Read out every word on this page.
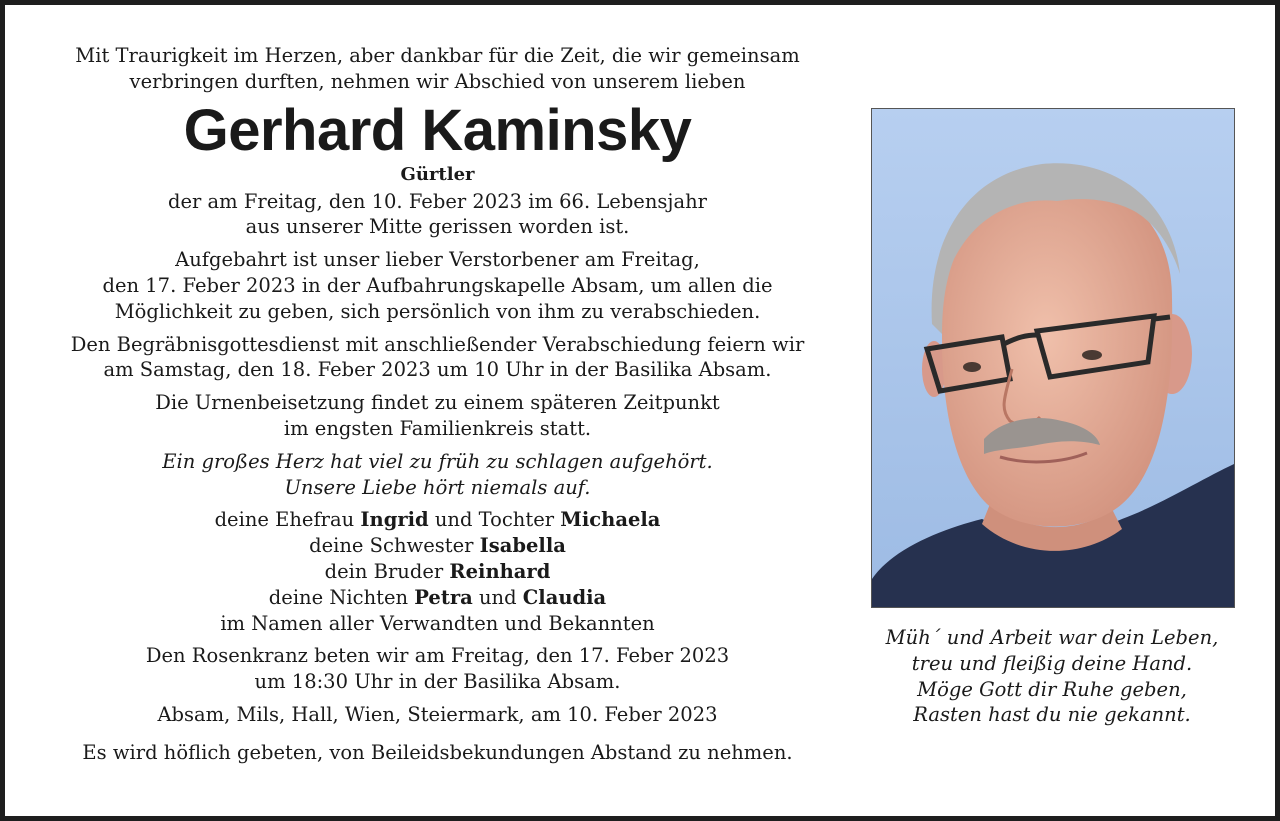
Mit Traurigkeit im Herzen, aber dankbar für die Zeit, die wir gemeinsam
verbringen durften, nehmen wir Abschied von unserem lieben

Gerhard Kaminsky

Gürtler

der am Freitag, den 10. Feber 2023 im 66. Lebensjahr
aus unserer Mitte gerissen worden ist.

Aufgebahrt ist unser lieber Verstorbener am Freitag,
den 17. Feber 2023 in der Aufbahrungskapelle Absam, um allen die
Möglichkeit zu geben, sich persönlich von ihm zu verabschieden.

Den Begräbnisgottesdienst mit anschließender Verabschiedung feiern wir
am Samstag, den 18. Feber 2023 um 10 Uhr in der Basilika Absam.

Die Urnenbeisetzung findet zu einem späteren Zeitpunkt
im engsten Familienkreis statt.

Ein großes Herz hat viel zu früh zu schlagen aufgehört.
Unsere Liebe hört niemals auf.

deine Ehefrau Ingrid und Tochter Michaela
deine Schwester Isabella
dein Bruder Reinhard
deine Nichten Petra und Claudia
im Namen aller Verwandten und Bekannten

Den Rosenkranz beten wir am Freitag, den 17. Feber 2023
um 18:30 Uhr in der Basilika Absam.

Absam, Mils, Hall, Wien, Steiermark, am 10. Feber 2023

Es wird höflich gebeten, von Beileidsbekundungen Abstand zu nehmen.

Müh´ und Arbeit war dein Leben,

treu und fleißig deine Hand.

Möge Gott dir Ruhe geben,

Rasten hast du nie gekannt.
